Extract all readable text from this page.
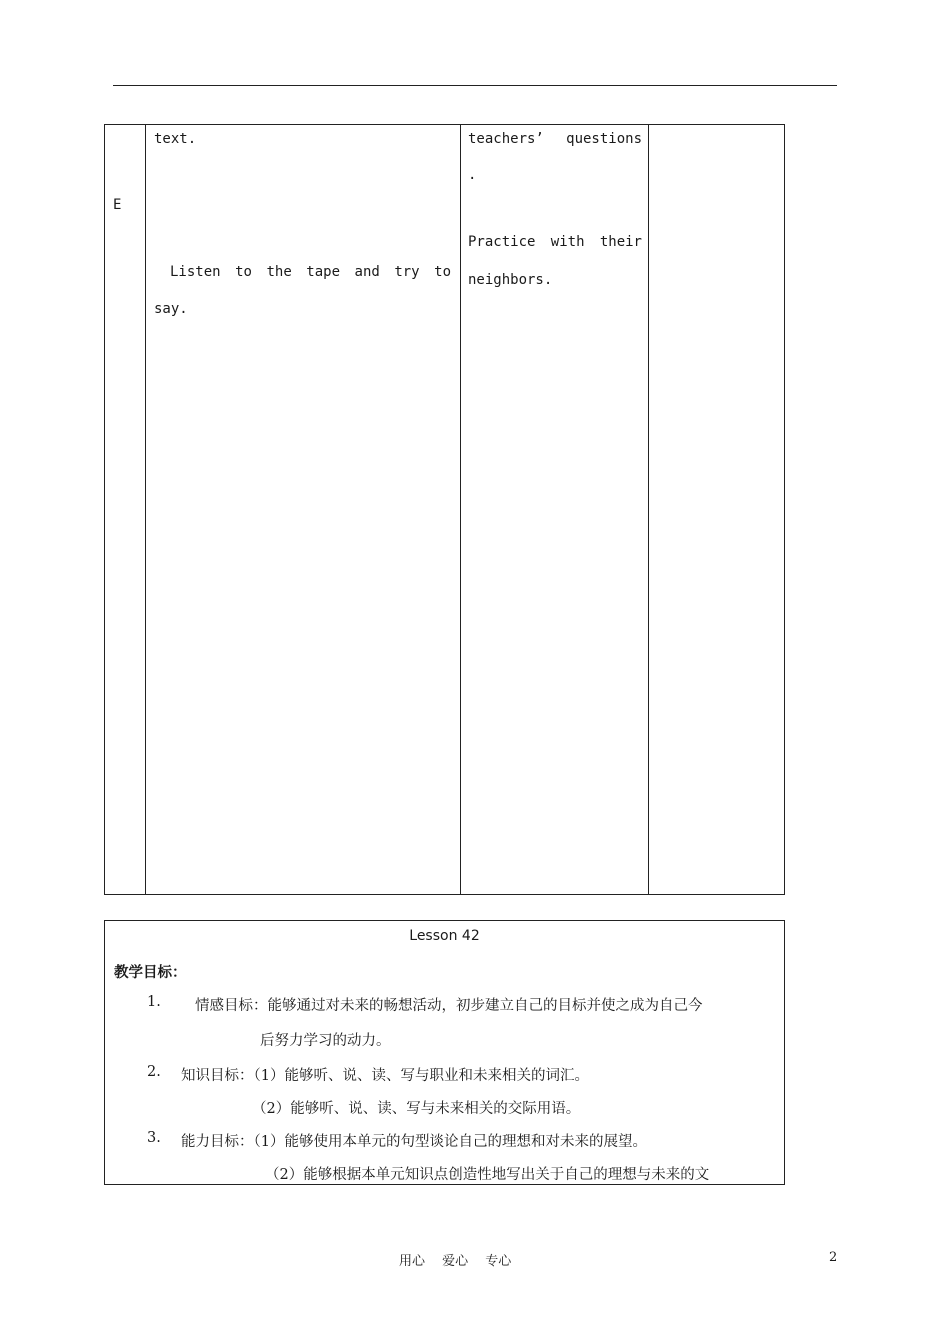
E
text.
Listen to the tape and try to
say.
teachers’ questions
.
Practice with their
neighbors.
Lesson 42
教学目标：
1. 情感目标：能够通过对未来的畅想活动，初步建立自己的目标并使之成为自己今
后努力学习的动力。
2. 知识目标：（1）能够听、说、读、写与职业和未来相关的词汇。
（2）能够听、说、读、写与未来相关的交际用语。
3. 能力目标：（1）能够使用本单元的句型谈论自己的理想和对未来的展望。
（2）能够根据本单元知识点创造性地写出关于自己的理想与未来的文
用心　 爱心　 专心	2
